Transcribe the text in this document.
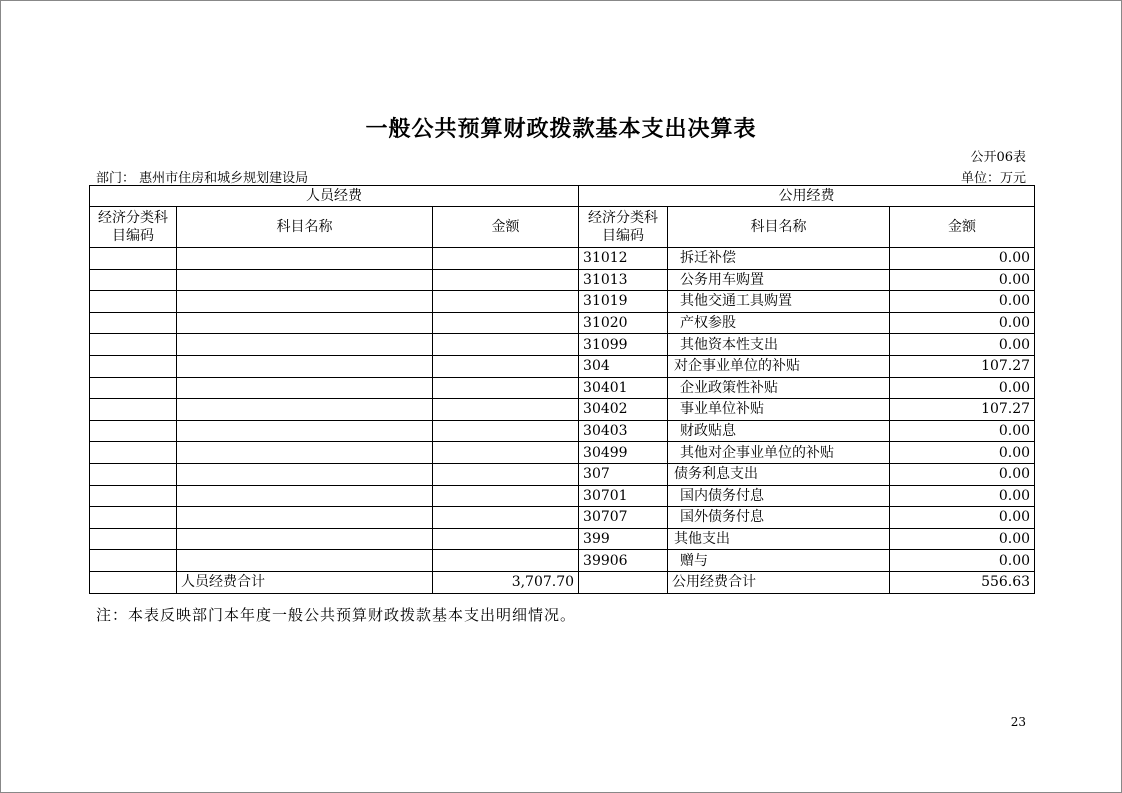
一般公共预算财政拨款基本支出决算表
公开06表
部门： 惠州市住房和城乡规划建设局	单位：万元
人员经费			公用经费		
经济分类科目编码	科目名称	金额	经济分类科目编码	科目名称	金额
			31012	拆迁补偿	0.00
			31013	公务用车购置	0.00
			31019	其他交通工具购置	0.00
			31020	产权参股	0.00
			31099	其他资本性支出	0.00
			304	对企事业单位的补贴	107.27
			30401	企业政策性补贴	0.00
			30402	事业单位补贴	107.27
			30403	财政贴息	0.00
			30499	其他对企事业单位的补贴	0.00
			307	债务利息支出	0.00
			30701	国内债务付息	0.00
			30707	国外债务付息	0.00
			399	其他支出	0.00
			39906	赠与	0.00
	人员经费合计	3,707.70		公用经费合计	556.63
注：本表反映部门本年度一般公共预算财政拨款基本支出明细情况。
23
